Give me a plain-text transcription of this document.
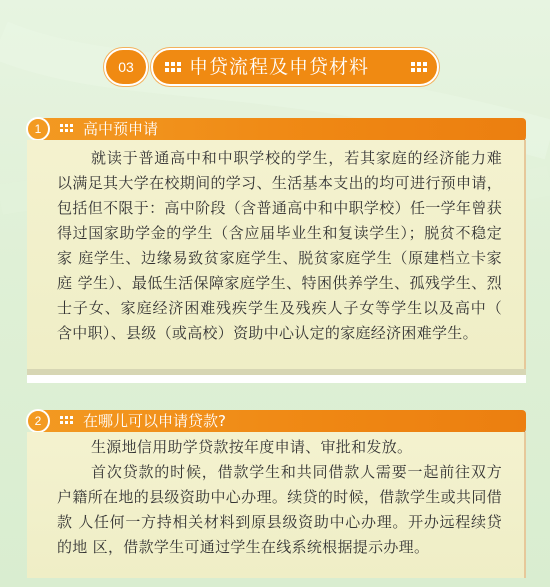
03	申贷流程及申贷材料
1	高中预申请

就读于普通高中和中职学校的学生，若其家庭的经济能力难以满足其大学在校期间的学习、生活基本支出的均可进行预申请，包括但不限于：高中阶段（含普通高中和中职学校）任一学年曾获得过国家助学金的学生（含应届毕业生和复读学生）；脱贫不稳定家 庭学生、边缘易致贫家庭学生、脱贫家庭学生（原建档立卡家庭 学生）、最低生活保障家庭学生、特困供养学生、孤残学生、烈 士子女、家庭经济困难残疾学生及残疾人子女等学生以及高中（ 含中职）、县级（或高校）资助中心认定的家庭经济困难学生。

2	在哪儿可以申请贷款?

生源地信用助学贷款按年度申请、审批和发放。

首次贷款的时候，借款学生和共同借款人需要一起前往双方户籍所在地的县级资助中心办理。续贷的时候，借款学生或共同借款 人任何一方持相关材料到原县级资助中心办理。开办远程续贷的地 区，借款学生可通过学生在线系统根据提示办理。
